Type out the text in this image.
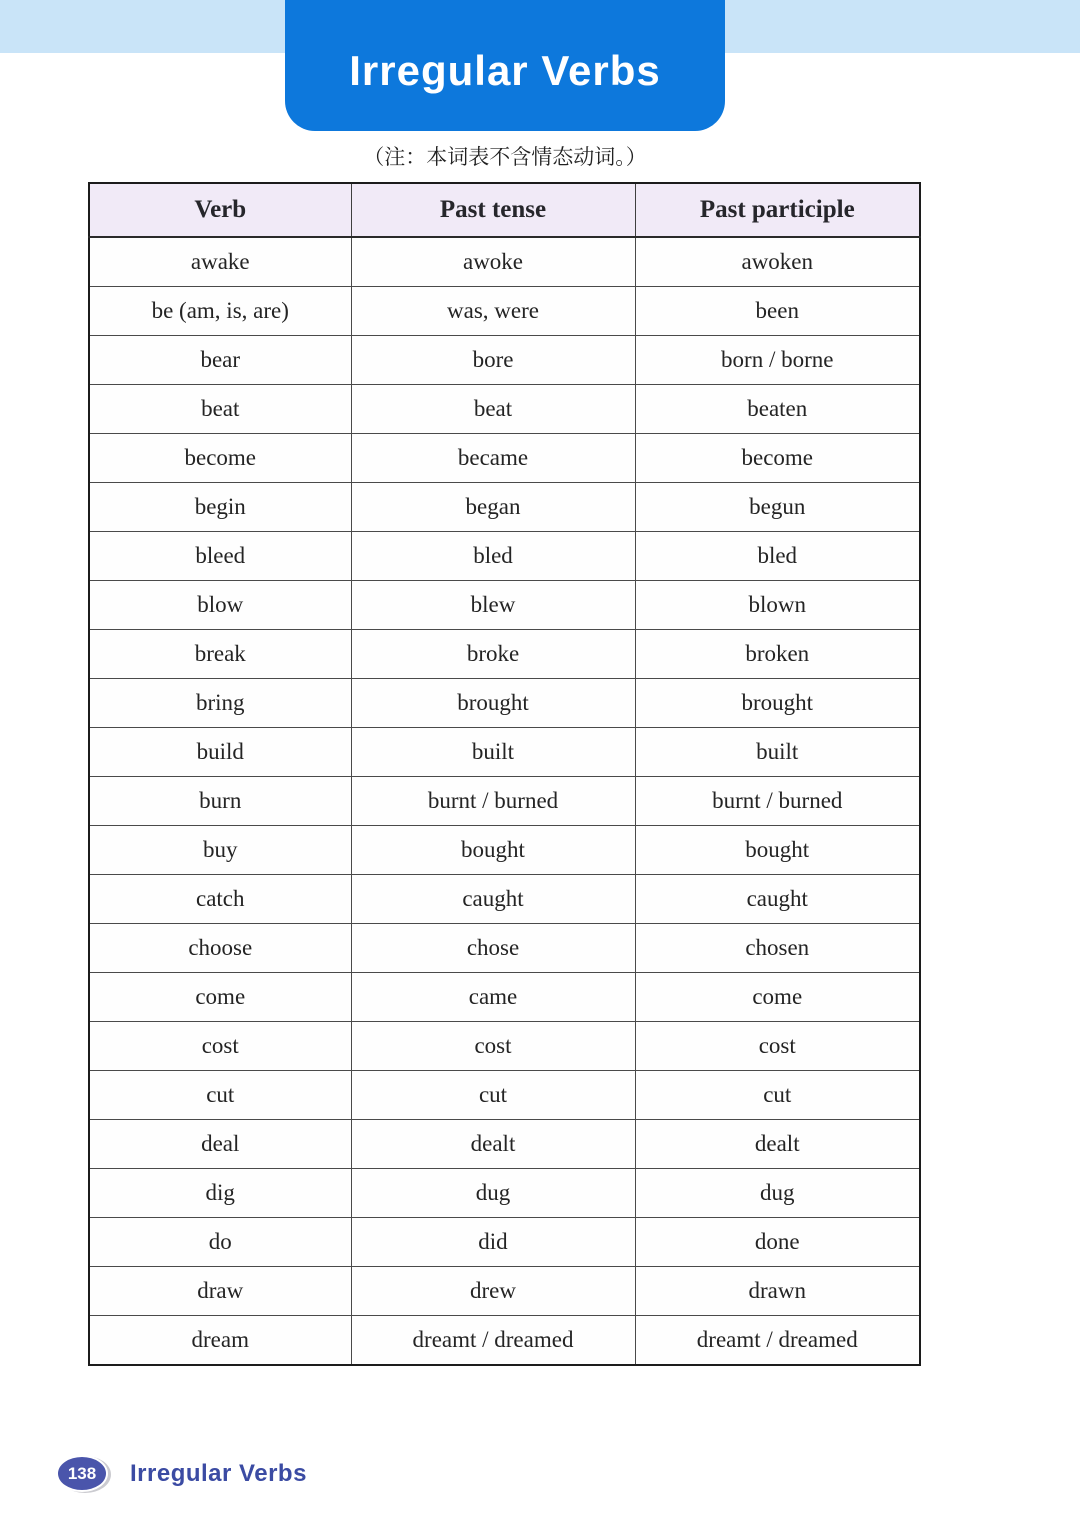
Irregular Verbs
（注：本词表不含情态动词。）
Verb	Past tense	Past participle
awake	awoke	awoken
be (am, is, are)	was, were	been
bear	bore	born / borne
beat	beat	beaten
become	became	become
begin	began	begun
bleed	bled	bled
blow	blew	blown
break	broke	broken
bring	brought	brought
build	built	built
burn	burnt / burned	burnt / burned
buy	bought	bought
catch	caught	caught
choose	chose	chosen
come	came	come
cost	cost	cost
cut	cut	cut
deal	dealt	dealt
dig	dug	dug
do	did	done
draw	drew	drawn
dream	dreamt / dreamed	dreamt / dreamed
138	Irregular Verbs
